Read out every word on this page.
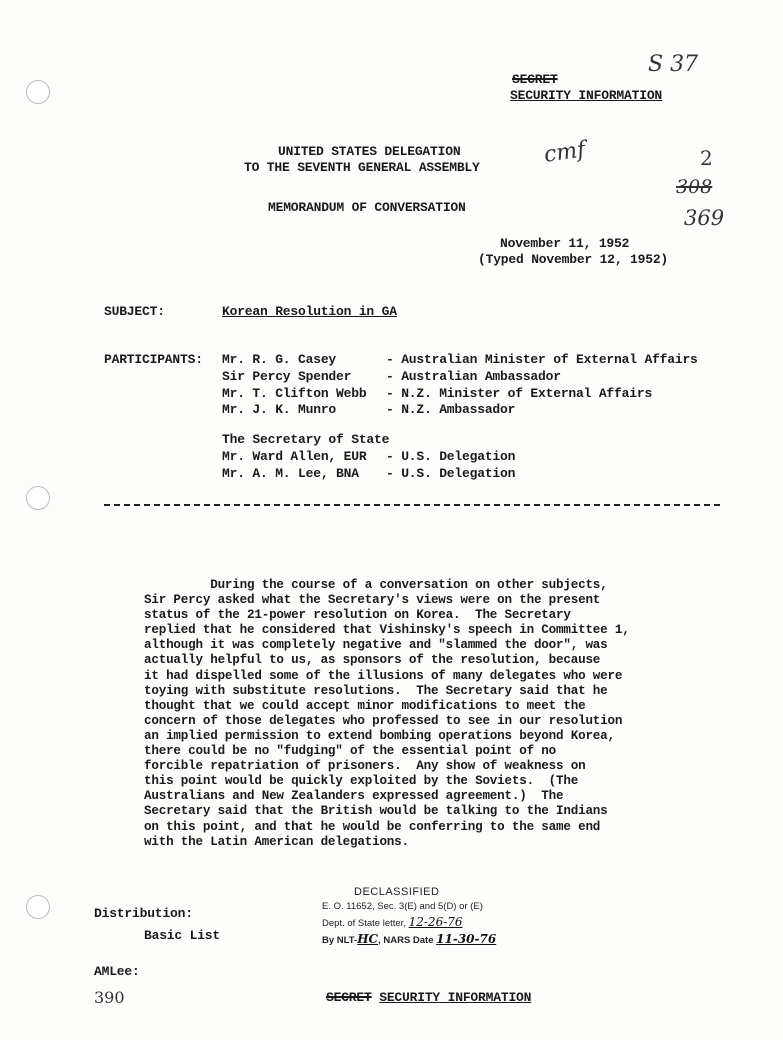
S 37
cmf	2
308
369
SECRET
SECURITY INFORMATION
UNITED STATES DELEGATION
TO THE SEVENTH GENERAL ASSEMBLY
MEMORANDUM OF CONVERSATION
November 11, 1952
(Typed November 12, 1952)
SUBJECT:	Korean Resolution in GA
PARTICIPANTS: Mr. R. G. Casey	- Australian Minister of External Affairs
Sir Percy Spender	- Australian Ambassador
Mr. T. Clifton Webb - N.Z. Minister of External Affairs
Mr. J. K. Munro	- N.Z. Ambassador
The Secretary of State
Mr. Ward Allen, EUR - U.S. Delegation
Mr. A. M. Lee, BNA - U.S. Delegation

During the course of a conversation on other subjects,

Sir Percy asked what the Secretary's views were on the present

status of the 21-power resolution on Korea.  The Secretary

replied that he considered that Vishinsky's speech in Committee 1,

although it was completely negative and "slammed the door", was

actually helpful to us, as sponsors of the resolution, because

it had dispelled some of the illusions of many delegates who were

toying with substitute resolutions.  The Secretary said that he

thought that we could accept minor modifications to meet the

concern of those delegates who professed to see in our resolution

an implied permission to extend bombing operations beyond Korea,

there could be no "fudging" of the essential point of no

forcible repatriation of prisoners.  Any show of weakness on

this point would be quickly exploited by the Soviets.  (The

Australians and New Zealanders expressed agreement.)  The

Secretary said that the British would be talking to the Indians

on this point, and that he would be conferring to the same end

with the Latin American delegations.

Distribution:
Basic List
AMLee:
390
DECLASSIFIED
E. O. 11652, Sec. 3(E) and 5(D) or (E)
Dept. of State letter, 12-26-76
By NLT-HC, NARS Date 11-30-76
SECRET SECURITY INFORMATION
